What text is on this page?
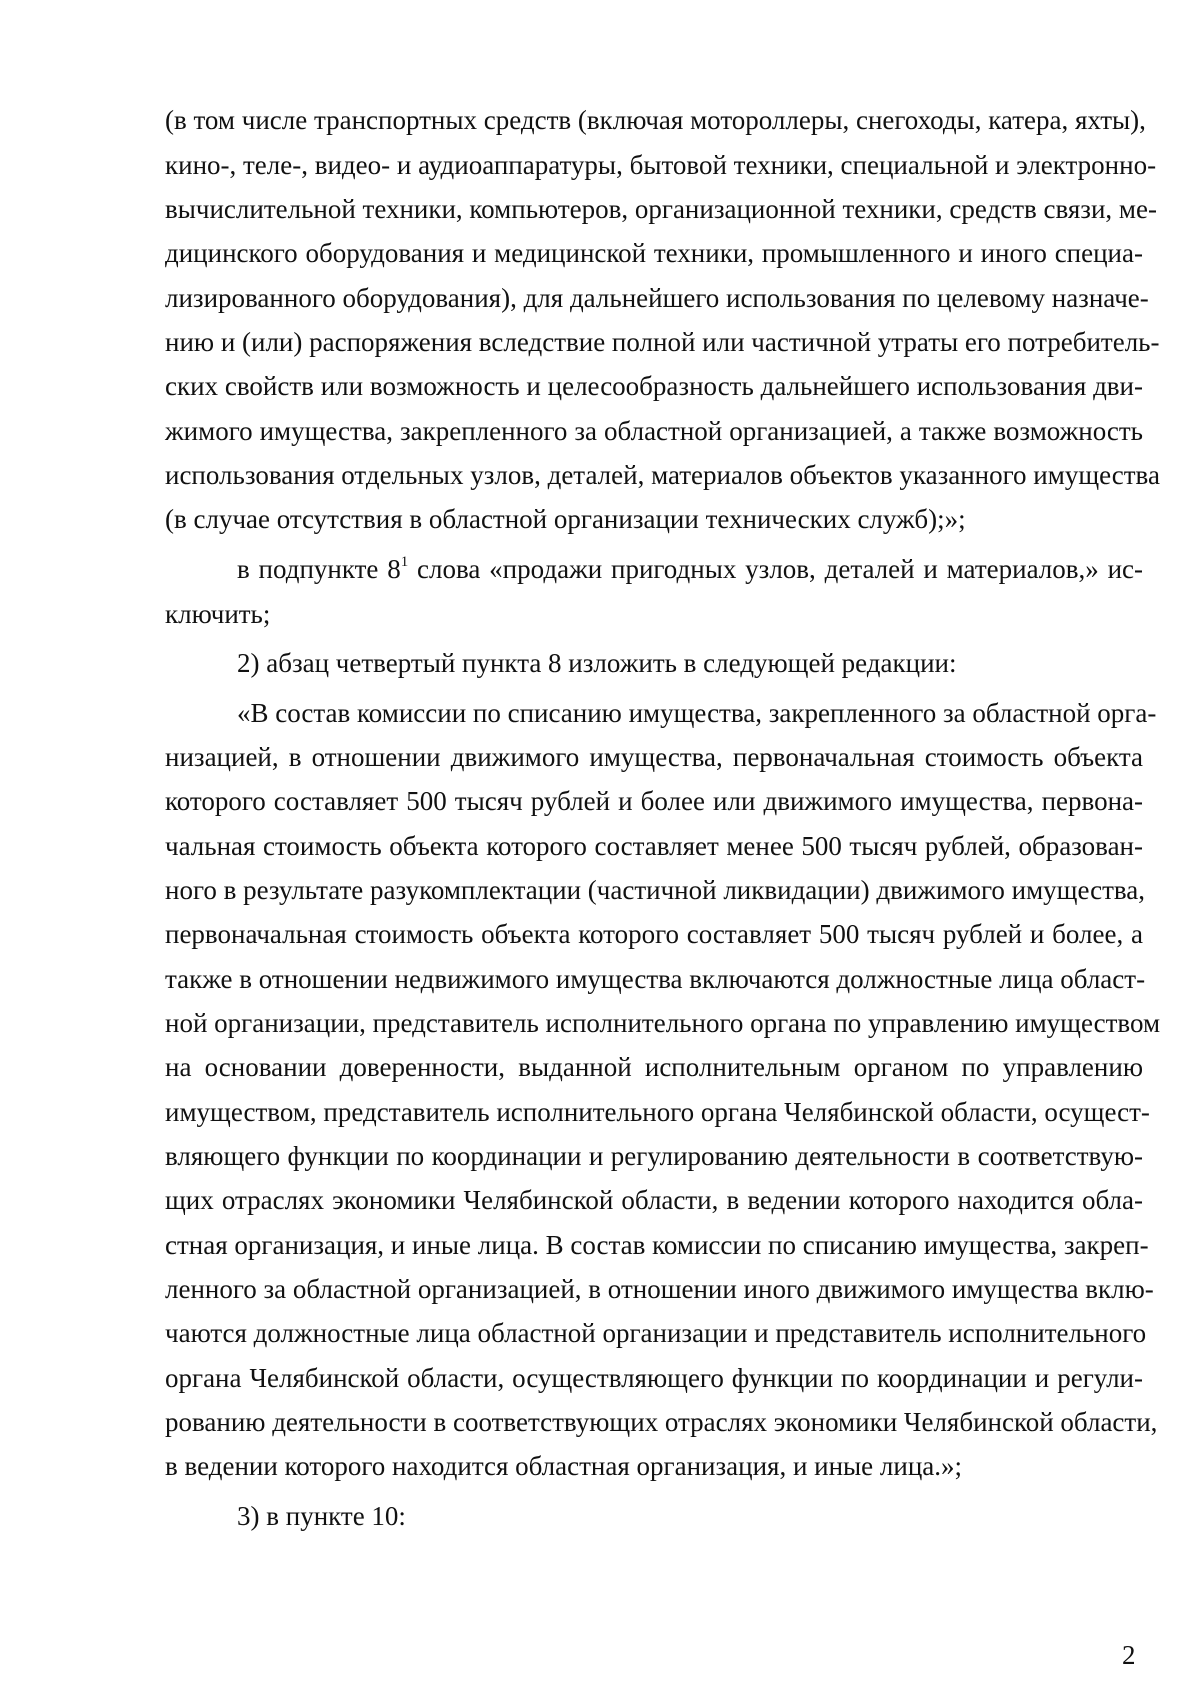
(в том числе транспортных средств (включая мотороллеры, снегоходы, катера, яхты),
кино-, теле-, видео- и аудиоаппаратуры, бытовой техники, специальной и электронно-
вычислительной техники, компьютеров, организационной техники, средств связи, ме-
дицинского оборудования и медицинской техники, промышленного и иного специа-
лизированного оборудования), для дальнейшего использования по целевому назначе-
нию и (или) распоряжения вследствие полной или частичной утраты его потребитель-
ских свойств или возможность и целесообразность дальнейшего использования дви-
жимого имущества, закрепленного за областной организацией, а также возможность
использования отдельных узлов, деталей, материалов объектов указанного имущества
(в случае отсутствия в областной организации технических служб);»;
в подпункте $8^1$ слова «продажи пригодных узлов, деталей и материалов,» ис-
ключить;
2) абзац четвертый пункта 8 изложить в следующей редакции:
«В состав комиссии по списанию имущества, закрепленного за областной орга-
низацией, в отношении движимого имущества, первоначальная стоимость объекта
которого составляет 500 тысяч рублей и более или движимого имущества, первона-
чальная стоимость объекта которого составляет менее 500 тысяч рублей, образован-
ного в результате разукомплектации (частичной ликвидации) движимого имущества,
первоначальная стоимость объекта которого составляет 500 тысяч рублей и более, а
также в отношении недвижимого имущества включаются должностные лица област-
ной организации, представитель исполнительного органа по управлению имуществом
на основании доверенности, выданной исполнительным органом по управлению
имуществом, представитель исполнительного органа Челябинской области, осущест-
вляющего функции по координации и регулированию деятельности в соответствую-
щих отраслях экономики Челябинской области, в ведении которого находится обла-
стная организация, и иные лица. В состав комиссии по списанию имущества, закреп-
ленного за областной организацией, в отношении иного движимого имущества вклю-
чаются должностные лица областной организации и представитель исполнительного
органа Челябинской области, осуществляющего функции по координации и регули-
рованию деятельности в соответствующих отраслях экономики Челябинской области,
в ведении которого находится областная организация, и иные лица.»;
3) в пункте 10:
2
